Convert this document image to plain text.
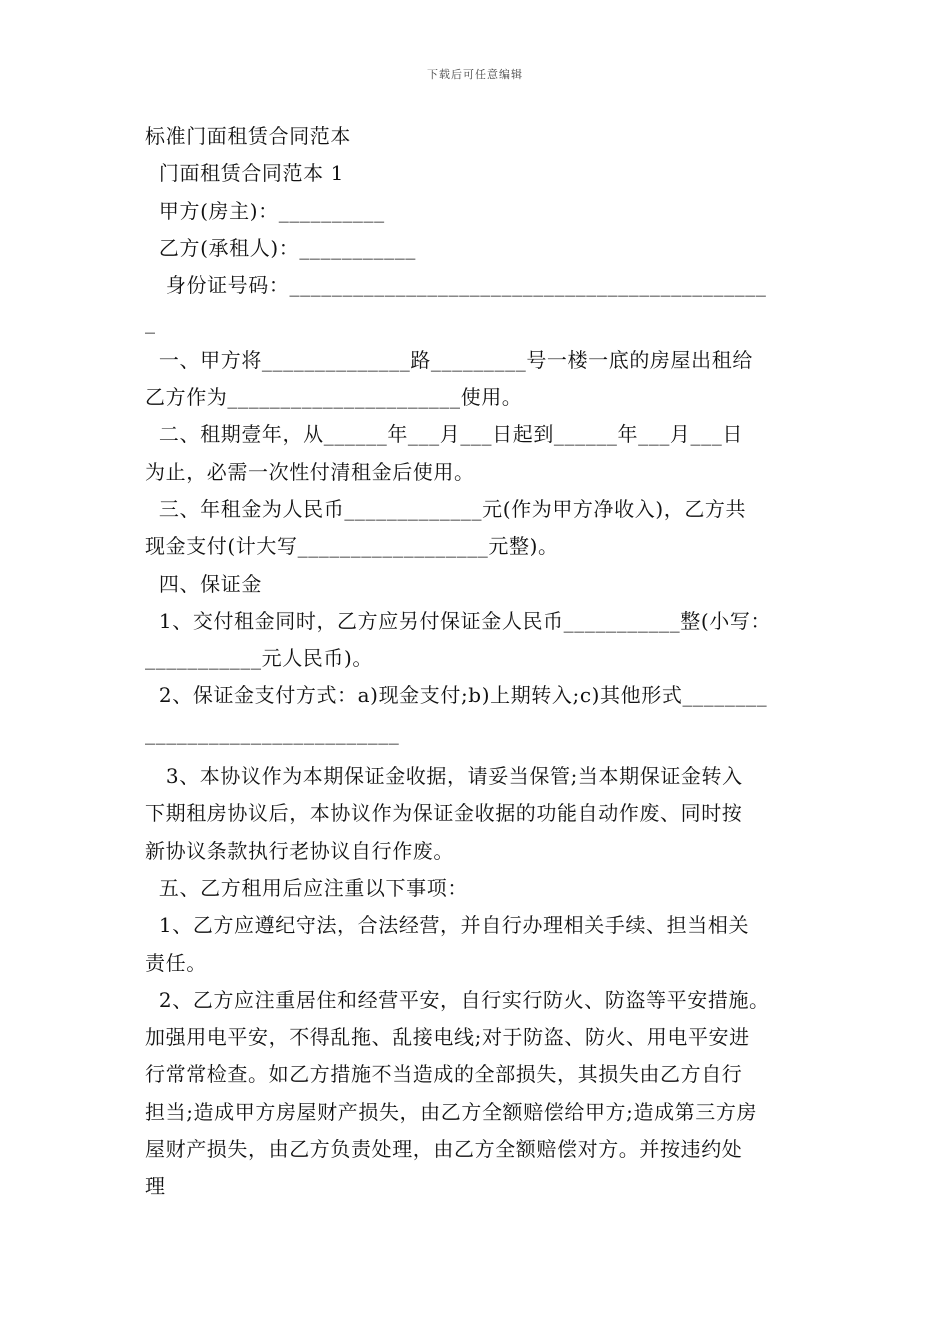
下载后可任意编辑

标准门面租赁合同范本

门面租赁合同范本 1

甲方(房主)：__________

乙方(承租人)：___________

身份证号码：_____________________________________________

_

一、甲方将______________路_________号一楼一底的房屋出租给
乙方作为______________________使用。
二、租期壹年，从______年___月___日起到______年___月___日
为止，必需一次性付清租金后使用。
三、年租金为人民币_____________元(作为甲方净收入)，乙方共
现金支付(计大写__________________元整)。

四、保证金

1、交付租金同时，乙方应另付保证金人民币___________整(小写：
___________元人民币)。
2、保证金支付方式：a)现金支付;b)上期转入;c)其他形式________
________________________
3、本协议作为本期保证金收据，请妥当保管;当本期保证金转入
下期租房协议后，本协议作为保证金收据的功能自动作废、同时按
新协议条款执行老协议自行作废。

五、乙方租用后应注重以下事项：

1、乙方应遵纪守法，合法经营，并自行办理相关手续、担当相关
责任。
2、乙方应注重居住和经营平安，自行实行防火、防盗等平安措施。
加强用电平安，不得乱拖、乱接电线;对于防盗、防火、用电平安进
行常常检查。如乙方措施不当造成的全部损失，其损失由乙方自行
担当;造成甲方房屋财产损失，由乙方全额赔偿给甲方;造成第三方房
屋财产损失，由乙方负责处理，由乙方全额赔偿对方。并按违约处
理
